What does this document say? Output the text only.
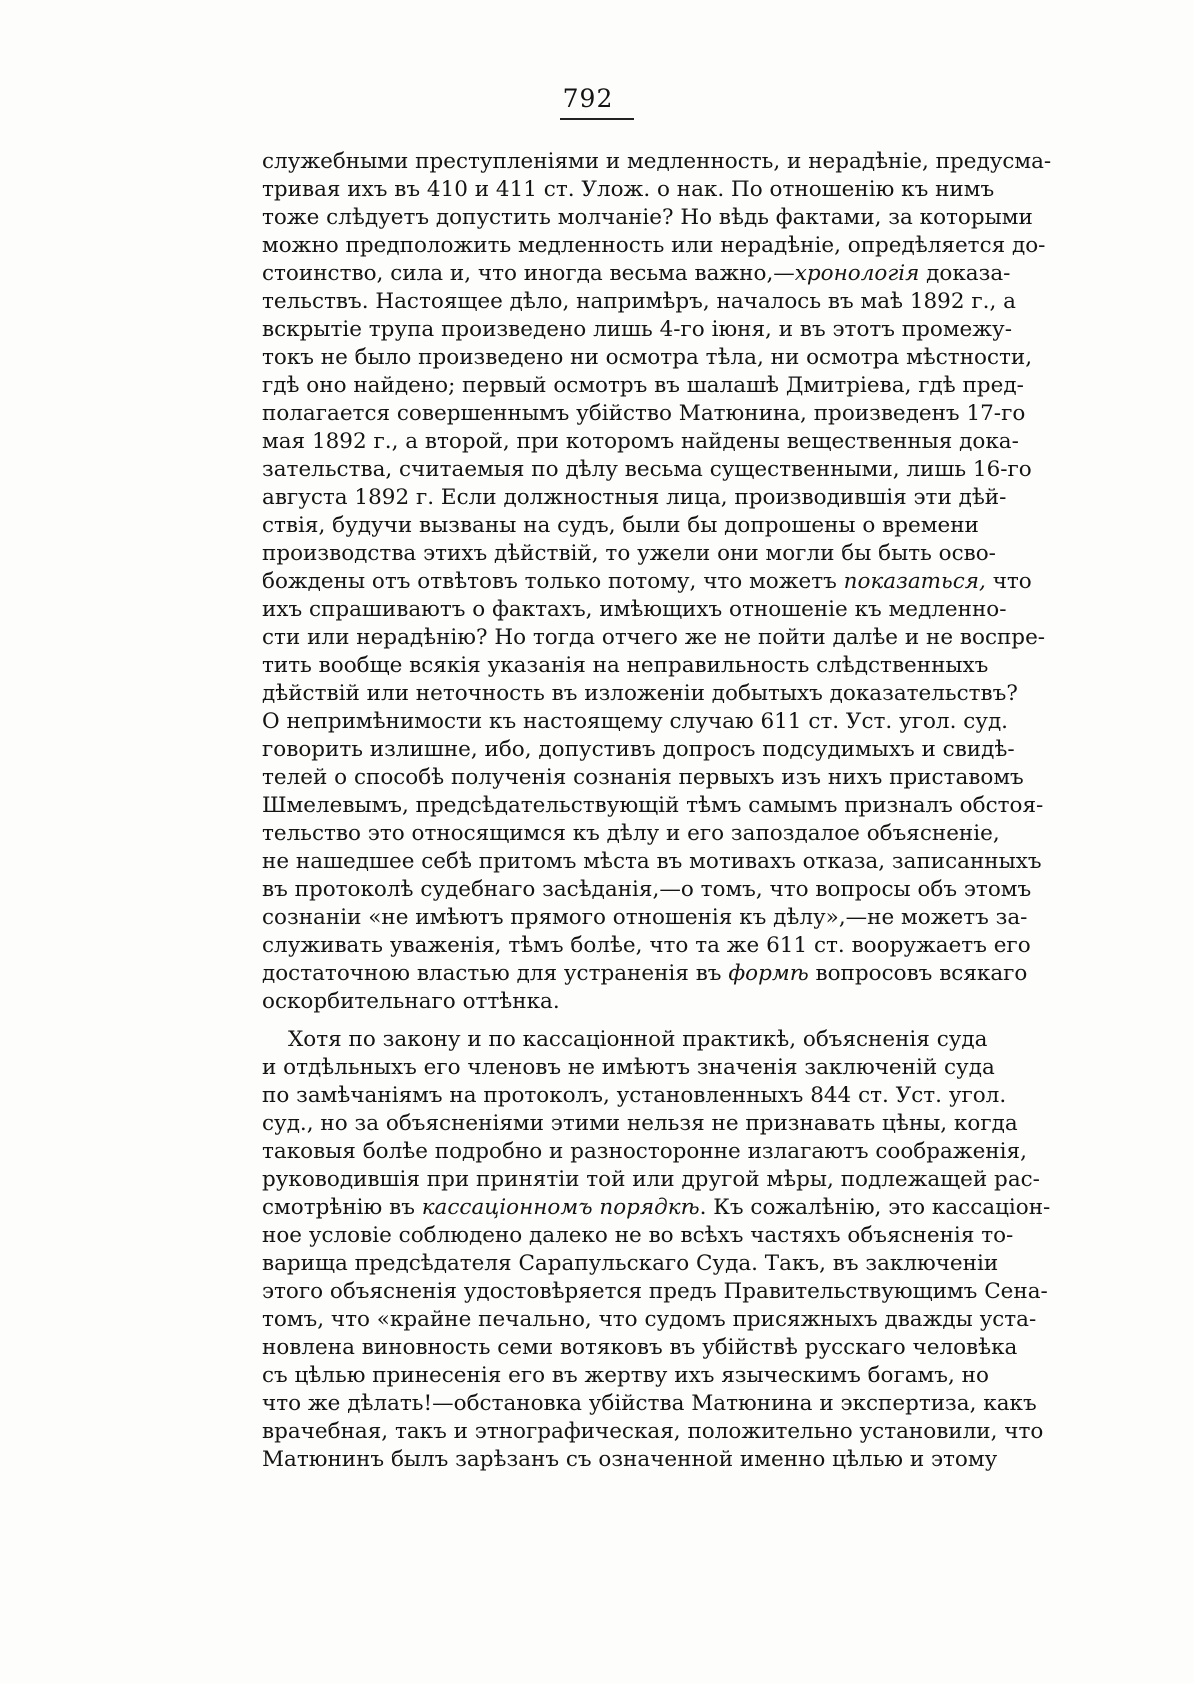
792
служебными преступленіями и медленность, и нерадѣніе, предусма-
тривая ихъ въ 410 и 411 ст. Улож. о нак. По отношенію къ нимъ
тоже слѣдуетъ допустить молчаніе? Но вѣдь фактами, за которыми
можно предположить медленность или нерадѣніе, опредѣляется до-
стоинство, сила и, что иногда весьма важно,—хронологія доказа-
тельствъ. Настоящее дѣло, напримѣръ, началось въ маѣ 1892 г., а
вскрытіе трупа произведено лишь 4-го іюня, и въ этотъ промежу-
токъ не было произведено ни осмотра тѣла, ни осмотра мѣстности,
гдѣ оно найдено; первый осмотръ въ шалашѣ Дмитріева, гдѣ пред-
полагается совершеннымъ убійство Матюнина, произведенъ 17-го
мая 1892 г., а второй, при которомъ найдены вещественныя дока-
зательства, считаемыя по дѣлу весьма существенными, лишь 16-го
августа 1892 г. Если должностныя лица, производившія эти дѣй-
ствія, будучи вызваны на судъ, были бы допрошены о времени
производства этихъ дѣйствій, то ужели они могли бы быть осво-
бождены отъ отвѣтовъ только потому, что можетъ показаться, что
ихъ спрашиваютъ о фактахъ, имѣющихъ отношеніе къ медленно-
сти или нерадѣнію? Но тогда отчего же не пойти далѣе и не воспре-
тить вообще всякія указанія на неправильность слѣдственныхъ
дѣйствій или неточность въ изложеніи добытыхъ доказательствъ?
О непримѣнимости къ настоящему случаю 611 ст. Уст. угол. суд.
говорить излишне, ибо, допустивъ допросъ подсудимыхъ и свидѣ-
телей о способѣ полученія сознанія первыхъ изъ нихъ приставомъ
Шмелевымъ, предсѣдательствующій тѣмъ самымъ призналъ обстоя-
тельство это относящимся къ дѣлу и его запоздалое объясненіе,
не нашедшее себѣ притомъ мѣста въ мотивахъ отказа, записанныхъ
въ протоколѣ судебнаго засѣданія,—о томъ, что вопросы объ этомъ
сознаніи «не имѣютъ прямого отношенія къ дѣлу»,—не можетъ за-
служивать уваженія, тѣмъ болѣе, что та же 611 ст. вооружаетъ его
достаточною властью для устраненія въ формѣ вопросовъ всякаго
оскорбительнаго оттѣнка.
Хотя по закону и по кассаціонной практикѣ, объясненія суда
и отдѣльныхъ его членовъ не имѣютъ значенія заключеній суда
по замѣчаніямъ на протоколъ, установленныхъ 844 ст. Уст. угол.
суд., но за объясненіями этими нельзя не признавать цѣны, когда
таковыя болѣе подробно и разносторонне излагаютъ соображенія,
руководившія при принятіи той или другой мѣры, подлежащей рас-
смотрѣнію въ кассаціонномъ порядкѣ. Къ сожалѣнію, это кассаціон-
ное условіе соблюдено далеко не во всѣхъ частяхъ объясненія то-
варища предсѣдателя Сарапульскаго Суда. Такъ, въ заключеніи
этого объясненія удостовѣряется предъ Правительствующимъ Сена-
томъ, что «крайне печально, что судомъ присяжныхъ дважды уста-
новлена виновность семи вотяковъ въ убійствѣ русскаго человѣка
съ цѣлью принесенія его въ жертву ихъ языческимъ богамъ, но
что же дѣлать!—обстановка убійства Матюнина и экспертиза, какъ
врачебная, такъ и этнографическая, положительно установили, что
Матюнинъ былъ зарѣзанъ съ означенной именно цѣлью и этому
